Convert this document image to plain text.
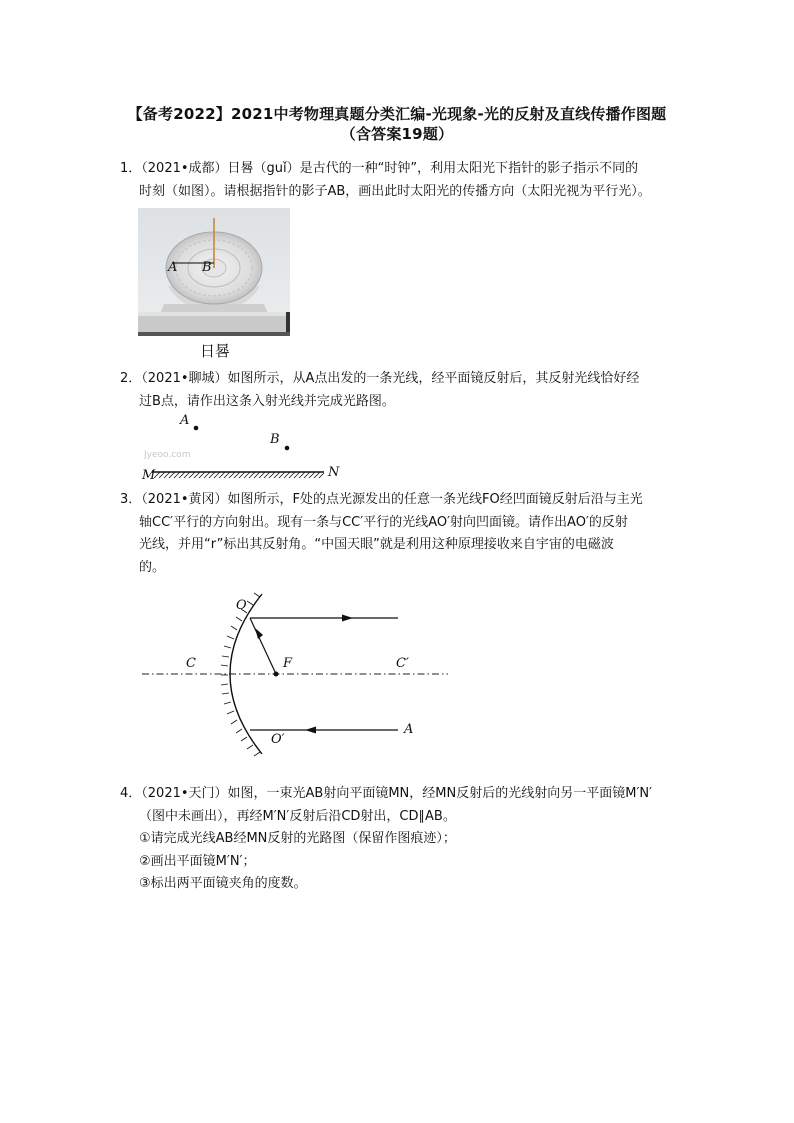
【备考2022】2021中考物理真题分类汇编-光现象-光的反射及直线传播作图题
（含答案19题）

1．（2021•成都）日晷（guǐ）是古代的一种“时钟”，利用太阳光下指针的影子指示不同的

时刻（如图）。请根据指针的影子AB，画出此时太阳光的传播方向（太阳光视为平行光）。

A B
日晷

2．（2021•聊城）如图所示，从A点出发的一条光线，经平面镜反射后，其反射光线恰好经

过B点，请作出这条入射光线并完成光路图。

A
B
Jyeoo.com
M	N

3．（2021•黄冈）如图所示，F处的点光源发出的任意一条光线FO经凹面镜反射后沿与主光

轴CC′平行的方向射出。现有一条与CC′平行的光线AO′射向凹面镜。请作出AO′的反射

光线，并用“r”标出其反射角。“中国天眼”就是利用这种原理接收来自宇宙的电磁波

的。

O
C	F	C′
O′
A

4．（2021•天门）如图，一束光AB射向平面镜MN，经MN反射后的光线射向另一平面镜M′N′

（图中未画出），再经M′N′反射后沿CD射出，CD∥AB。

①请完成光线AB经MN反射的光路图（保留作图痕迹）；

②画出平面镜M′N′；

③标出两平面镜夹角的度数。
